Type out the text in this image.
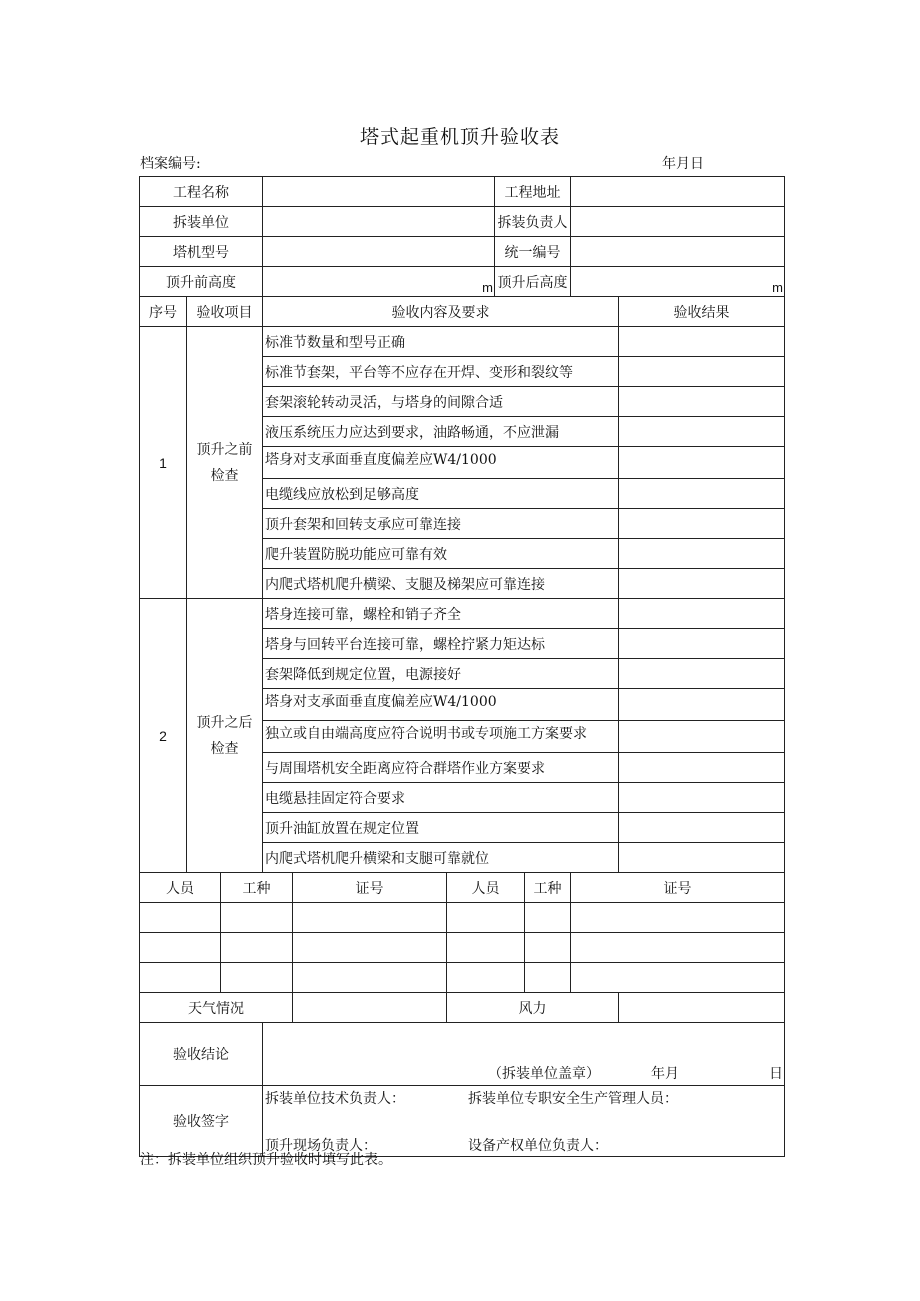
塔式起重机顶升验收表
档案编号:	年月日
工程名称						工程地址			
拆装单位						拆装负责人			
塔机型号						统一编号			
顶升前高度			m			顶升后高度		m	

序号	验收项目		验收内容及要求						验收结果
1	顶升之前检查		标准节数量和型号正确						
			标准节套架，平台等不应存在开焊、变形和裂纹等						
			套架滚轮转动灵活，与塔身的间隙合适						
			液压系统压力应达到要求，油路畅通，不应泄漏						
			塔身对支承面垂直度偏差应W4/1000						
			电缆线应放松到足够高度						
			顶升套架和回转支承应可靠连接						
			爬升装置防脱功能应可靠有效						
			内爬式塔机爬升横梁、支腿及梯架应可靠连接						
2	顶升之后检查		塔身连接可靠，螺栓和销子齐全						
			塔身与回转平台连接可靠，螺栓拧紧力矩达标						
			套架降低到规定位置，电源接好						
			塔身对支承面垂直度偏差应W4/1000						
			独立或自由端高度应符合说明书或专项施工方案要求						
			与周围塔机安全距离应符合群塔作业方案要求						
			电缆悬挂固定符合要求						
			顶升油缸放置在规定位置						
			内爬式塔机爬升横梁和支腿可靠就位						
人员		工种		证号	人员		工种	证号	

天气情况					风力				
验收结论			（拆装单位盖章） 年月 日						

验收签字			拆装单位技术负责人： 拆装单位专职安全生产管理人员：
顶升现场负责人： 设备产权单位负责人：						
注：拆装单位组织顶升验收时填写此表。
